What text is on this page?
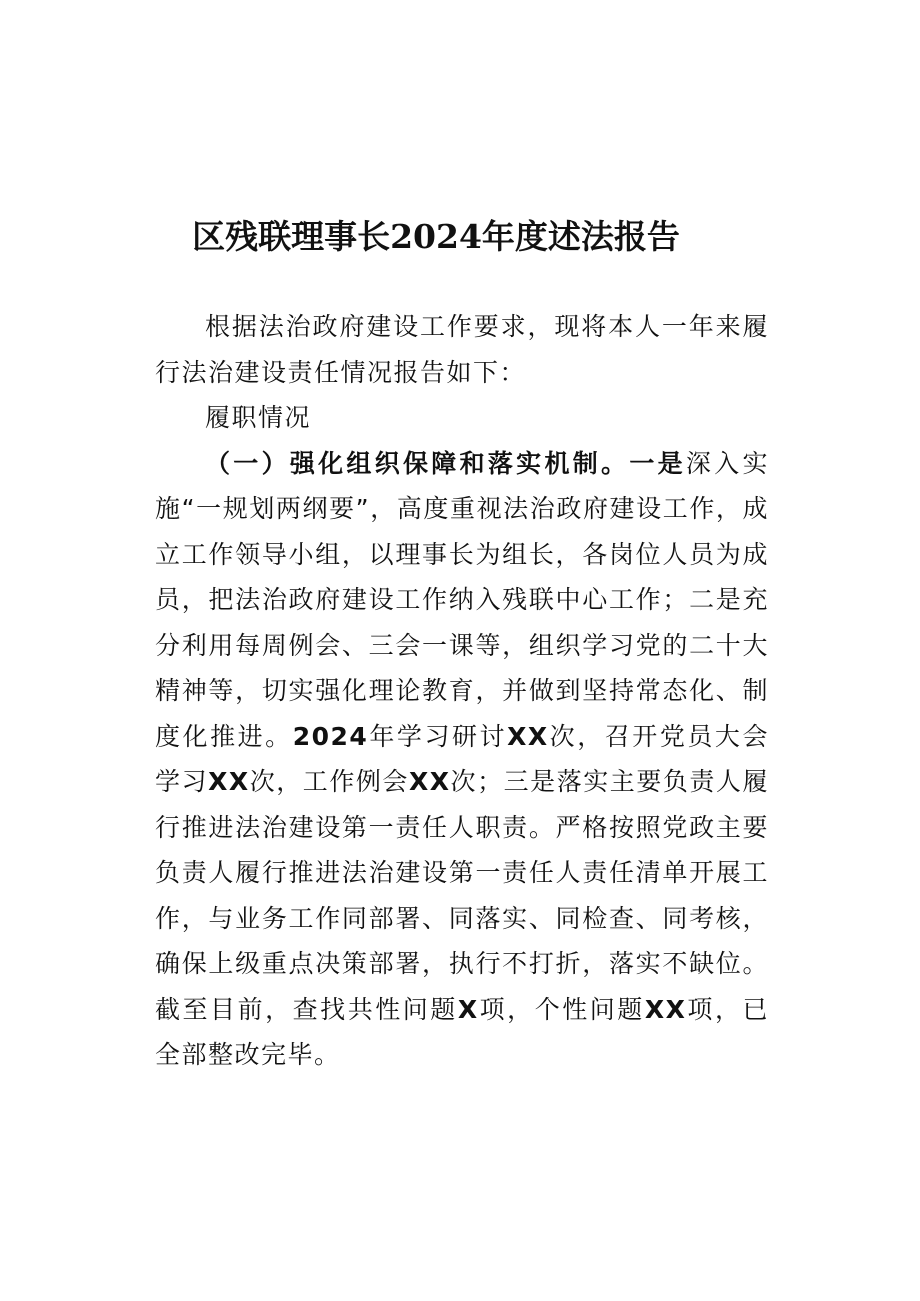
区残联理事长2024年度述法报告

根据法治政府建设工作要求，现将本人一年来履行法治建设责任情况报告如下：

履职情况

（一）强化组织保障和落实机制。一是深入实施“一规划两纲要”，高度重视法治政府建设工作，成立工作领导小组，以理事长为组长，各岗位人员为成员，把法治政府建设工作纳入残联中心工作；二是充分利用每周例会、三会一课等，组织学习党的二十大精神等，切实强化理论教育，并做到坚持常态化、制度化推进。2024年学习研讨XX次，召开党员大会学习XX次，工作例会XX次；三是落实主要负责人履行推进法治建设第一责任人职责。严格按照党政主要负责人履行推进法治建设第一责任人责任清单开展工作，与业务工作同部署、同落实、同检查、同考核，确保上级重点决策部署，执行不打折，落实不缺位。截至目前，查找共性问题X项，个性问题XX项，已全部整改完毕。
